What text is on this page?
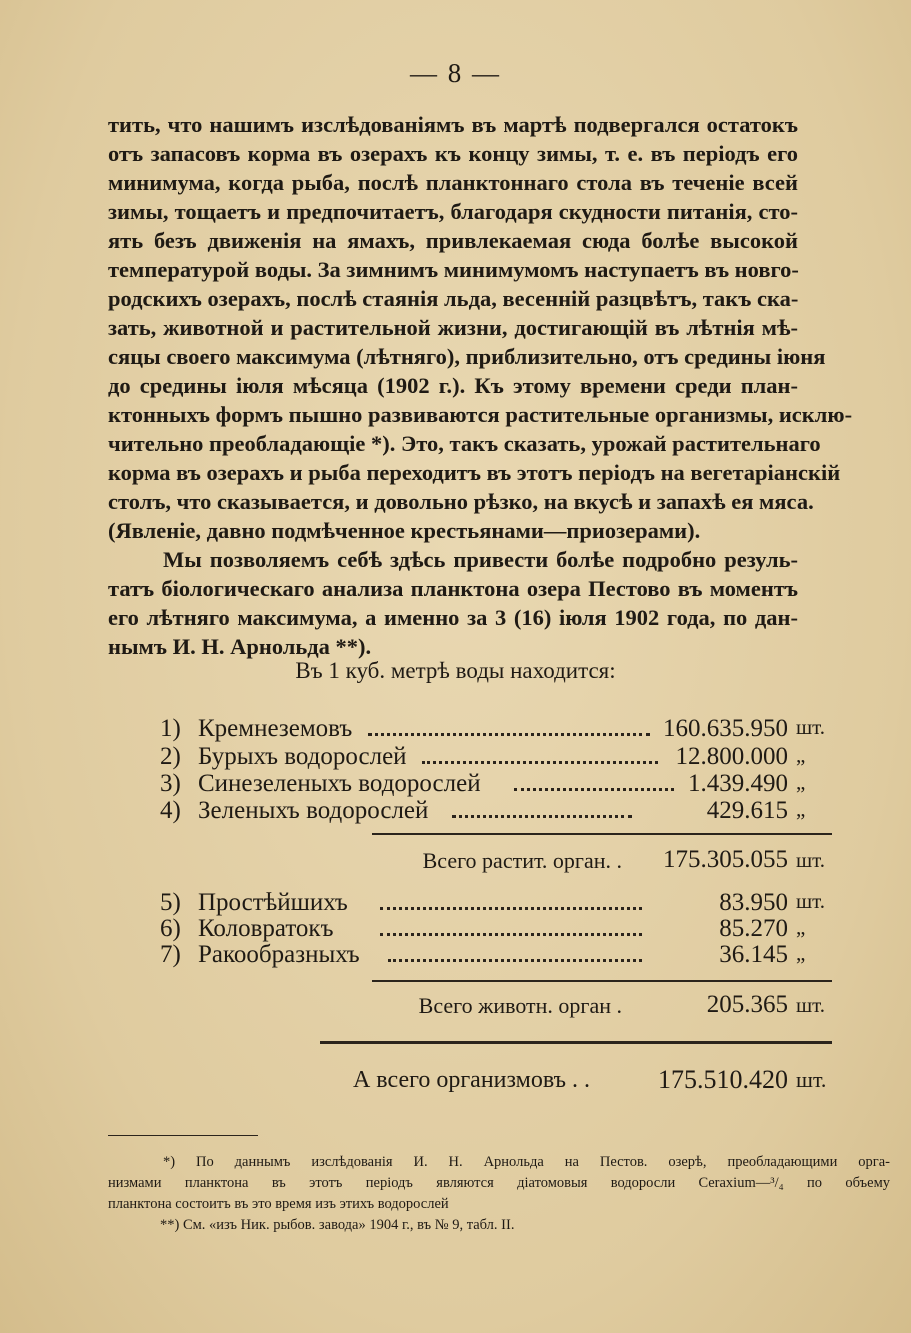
— 8 —
тить, что нашимъ изслѣдованіямъ въ мартѣ подвергался остатокъ
отъ запасовъ корма въ озерахъ къ концу зимы, т. е. въ періодъ его
минимума, когда рыба, послѣ планктоннаго стола въ теченіе всей
зимы, тощаетъ и предпочитаетъ, благодаря скудности питанія, сто-
ять безъ движенія на ямахъ, привлекаемая сюда болѣе высокой
температурой воды. За зимнимъ минимумомъ наступаетъ въ новго-
родскихъ озерахъ, послѣ стаянія льда, весенній разцвѣтъ, такъ ска-
зать, животной и растительной жизни, достигающій въ лѣтнія мѣ-
сяцы своего максимума (лѣтняго), приблизительно, отъ средины іюня
до средины іюля мѣсяца (1902 г.). Къ этому времени среди план-
ктонныхъ формъ пышно развиваются растительные организмы, исклю-
чительно преобладающіе *). Это, такъ сказать, урожай растительнаго
корма въ озерахъ и рыба переходитъ въ этотъ періодъ на вегетаріанскій
столъ, что сказывается, и довольно рѣзко, на вкусѣ и запахѣ ея мяса.
(Явленіе, давно подмѣченное крестьянами—приозерами).
Мы позволяемъ себѣ здѣсь привести болѣе подробно резуль-
татъ біологическаго анализа планктона озера Пестово въ моментъ
его лѣтняго максимума, а именно за 3 (16) іюля 1902 года, по дан-
нымъ И. Н. Арнольда **).
Въ 1 куб. метрѣ воды находится:
1) Кремнеземовъ	160.635.950 шт.
2) Бурыхъ водорослей	12.800.000 „
3) Синезеленыхъ водорослей	1.439.490 „
4) Зеленыхъ водорослей	429.615 „
Всего растит. орган. . 175.305.055 шт.
5) Простѣйшихъ	83.950 шт.
6) Коловратокъ	85.270 „
7) Ракообразныхъ	36.145 „
Всего животн. орган .	205.365 шт.
А всего организмовъ . .	175.510.420 шт.
*) По даннымъ изслѣдованія И. Н. Арнольда на Пестов. озерѣ, преобладающими орга-
низмами планктона въ этотъ періодъ являются діатомовыя водоросли Ceraxium—³/₄ по объему
планктона состоитъ въ это время изъ этихъ водорослей
**) См. «изъ Ник. рыбов. завода» 1904 г., въ № 9, табл. II.
